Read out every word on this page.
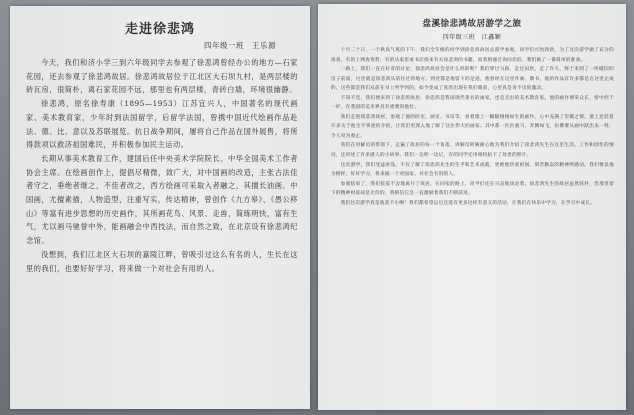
走进徐悲鸿
四年级一班　王乐源

今天，我们和济小学三到六年级同学去参观了徐悲鸿曾经办公的地方—石家花园，还去参观了徐悲鸿故居。徐悲鸿故居位于江北区大石坝九村，是两层楼的砖瓦房，很简朴，离石家花园不远，那里也有两层楼，青砖白墙，环境很幽静。

徐悲鸿，原名徐寿康（1895—1953）江苏宜兴人，中国著名的现代画家、美术教育家，少年时到法国留学，后留学法国，曾携中国近代绘画作品赴法、德、比、意以及苏联展览。抗日战争期间，屡将自己作品在国外展售，将所得款项以救济祖国难民，并积极参加民主运动。

长期从事美术教育工作，建国后任中央美术学院院长、中华全国美术工作者协会主席。在绘画创作上，提倡尽精微，致广大，对中国画的改造，主张古法佳者守之，垂绝者继之，不佳者改之，西方绘画可采取入者融之，其擅长油画、中国画，尤擅素描，人物造型，注重写实，传达精神，曾创作《九方皋》、《愚公移山》等富有进步思想的历史画作，其所画花鸟、风景、走兽，简练明快，富有生气，尤以画马驰誉中外，能画融会中西技法，而自然之致，在北京设有徐悲鸿纪念馆。

没想到，我们江北区大石坝的嘉陵江畔，曾吸引过这么有名的人，生长在这里的我们，也要好好学习，将来做一个对社会有用的人。

盘溪徐悲鸿故居游学之旅
四年级三班　江鑫颖

十月二十日，一个秋高气爽的下午，我们全年级的同学到徐悲鸿故居去游学参观。同学们兴致勃勃，为了这次游学做了充分的准备，有的上网查资料，有的从家里或书店找来有关徐悲鸿的书籍，而我则通过询问伯伯，我们做了一番简单的准备。

一路上，我们一直在好奇的讨论，徐悲鸿故居会是什么样的呢？我们穿过马路，走过田坎，走了许久，终于来到了一所破旧的房子前面，这里就是徐悲鸿从前住过的地方。到处都是他留下的足迹，他曾经在这里作画、教书，他的作品有许多都是在这里完成的，这些都是我们从前在书上所学到的，如今变成了真的出现在我们眼前，心里真是说不出的激动。

不知不觉，我们便来到了徐悲鸿故居，徐悲鸿是我国现代著名的画家，也是杰出的美术教育家。他的画作博采众长，熔中西于一炉，在我国的美术界具有重要的地位。

我们走进徐悲鸿故居，参观了他的卧室、画室、书房等，看着墙上一幅幅栩栩如生的画作，心中充满了崇敬之情。墙上还挂着许多关于他生平事迹的介绍，让我们更深入地了解了这位伟大的画家。其中那一匹匹骏马，奔腾如飞，仿佛要从画中跃出来一样，令人叹为观止。

我们在讲解员的带领下，走遍了故居的每一个角落，讲解员阿姨耐心地为我们介绍了徐悲鸿先生在这里生活、工作和创作的情况，还讲述了许多感人的小故事。我们一边听一边记，有的同学还用相机拍下了珍贵的照片。

这次游学，我们受益匪浅，不仅了解了徐悲鸿先生的生平和艺术成就，更被他热爱祖国、刻苦勤奋的精神所感动。我们要以他为榜样，好好学习，将来做一个对国家、对社会有用的人。

参观结束了，我们依依不舍地离开了故居，在回家的路上，同学们还在兴奋地谈论着。徐悲鸿先生的故居虽然简朴，但那里留下的精神财富却是无价的，我相信它会一直激励着我们不断前进。

我们这次游学真是收获不小啊！我们都希望以后还能有更多这样有意义的活动，让我们在快乐中学习，在学习中成长。
